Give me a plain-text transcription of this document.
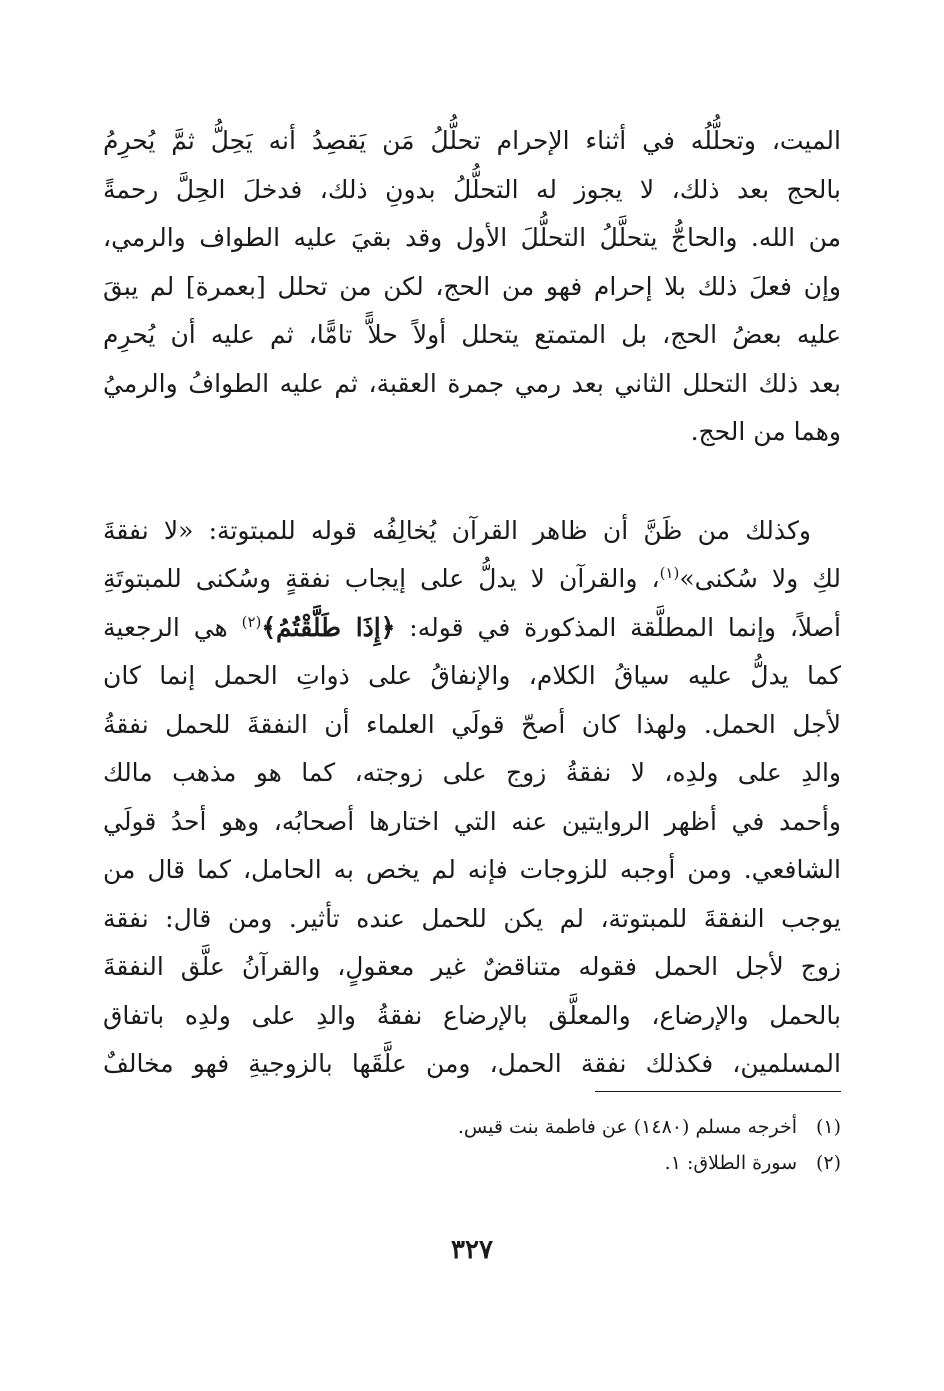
الميت، وتحلُّلُه في أثناء الإحرام تحلُّلُ مَن يَقصِدُ أنه يَحِلُّ ثمَّ يُحرِمُ
بالحج بعد ذلك، لا يجوز له التحلُّلُ بدونِ ذلك، فدخلَ الحِلَّ رحمةً
من الله. والحاجُّ يتحلَّلُ التحلُّلَ الأول وقد بقيَ عليه الطواف والرمي،
وإن فعلَ ذلك بلا إحرام فهو من الحج، لكن من تحلل [بعمرة] لم يبقَ
عليه بعضُ الحج، بل المتمتع يتحلل أولاً حلاًّ تامًّا، ثم عليه أن يُحرِم
بعد ذلك التحلل الثاني بعد رمي جمرة العقبة، ثم عليه الطوافُ والرميُ
وهما من الحج.
وكذلك من ظَنَّ أن ظاهر القرآن يُخالِفُه قوله للمبتوتة: «لا نفقةَ
لكِ ولا سُكنى»$^{(١)}$، والقرآن لا يدلُّ على إيجاب نفقةٍ وسُكنى للمبتوتَةِ
أصلاً، وإنما المطلَّقة المذكورة في قوله: ﴿إِذَا طَلَّقْتُمُ﴾$^{(٢)}$ هي الرجعية
كما يدلُّ عليه سياقُ الكلام، والإنفاقُ على ذواتِ الحمل إنما كان
لأجل الحمل. ولهذا كان أصحّ قولَي العلماء أن النفقةَ للحمل نفقةُ
والدِ على ولدِه، لا نفقةُ زوج على زوجته، كما هو مذهب مالك
وأحمد في أظهر الروايتين عنه التي اختارها أصحابُه، وهو أحدُ قولَي
الشافعي. ومن أوجبه للزوجات فإنه لم يخص به الحامل، كما قال من
يوجب النفقةَ للمبتوتة، لم يكن للحمل عنده تأثير. ومن قال: نفقة
زوج لأجل الحمل فقوله متناقضٌ غير معقولٍ، والقرآنُ علَّق النفقةَ
بالحمل والإرضاع، والمعلَّق بالإرضاع نفقةُ والدِ على ولدِه باتفاق
المسلمين، فكذلك نفقة الحمل، ومن علَّقَها بالزوجيةِ فهو مخالفٌ
(١)أخرجه مسلم (١٤٨٠) عن فاطمة بنت قيس.
(٢)سورة الطلاق: ١.
٣٢٧
